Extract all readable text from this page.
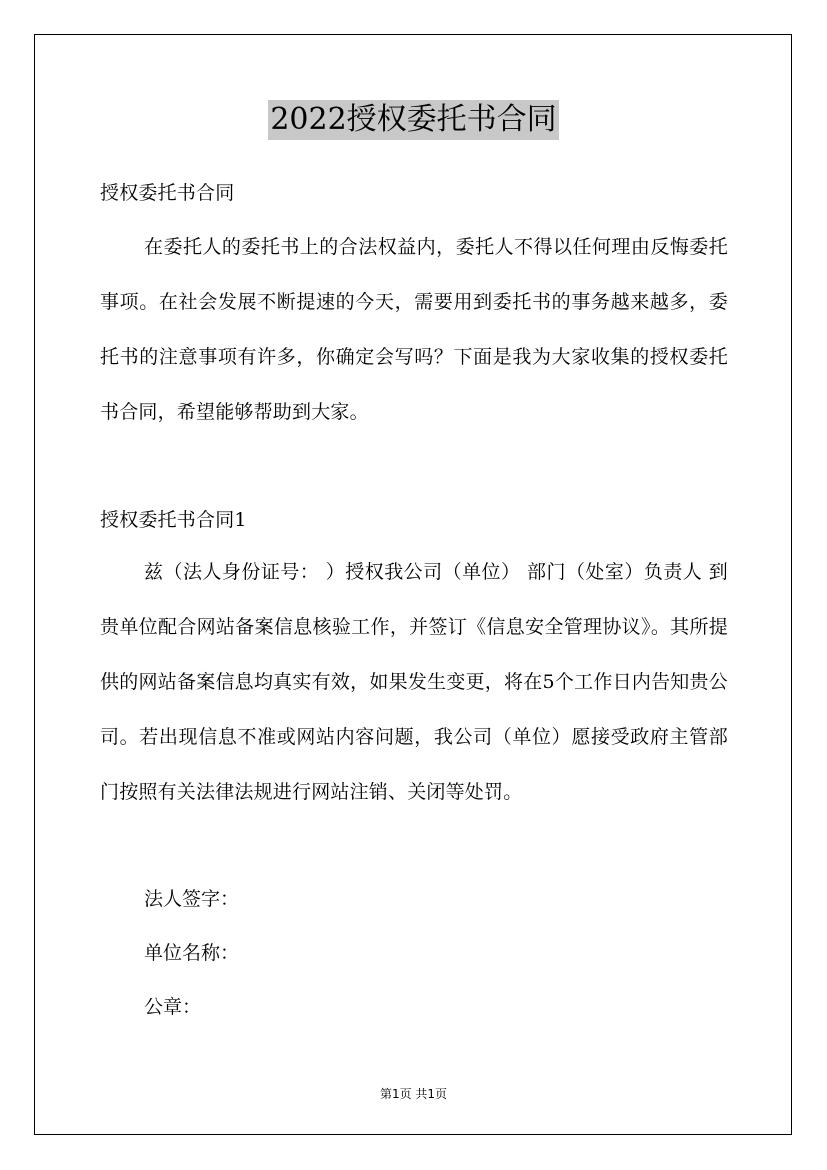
2022授权委托书合同
授权委托书合同

在委托人的委托书上的合法权益内，委托人不得以任何理由反悔委托事项。在社会发展不断提速的今天，需要用到委托书的事务越来越多，委托书的注意事项有许多，你确定会写吗？下面是我为大家收集的授权委托书合同，希望能够帮助到大家。

授权委托书合同1

兹（法人身份证号： ）授权我公司（单位） 部门（处室）负责人 到贵单位配合网站备案信息核验工作，并签订《信息安全管理协议》。其所提供的网站备案信息均真实有效，如果发生变更，将在5个工作日内告知贵公司。若出现信息不准或网站内容问题，我公司（单位）愿接受政府主管部门按照有关法律法规进行网站注销、关闭等处罚。

法人签字：
单位名称：
公章：
第1页 共1页
